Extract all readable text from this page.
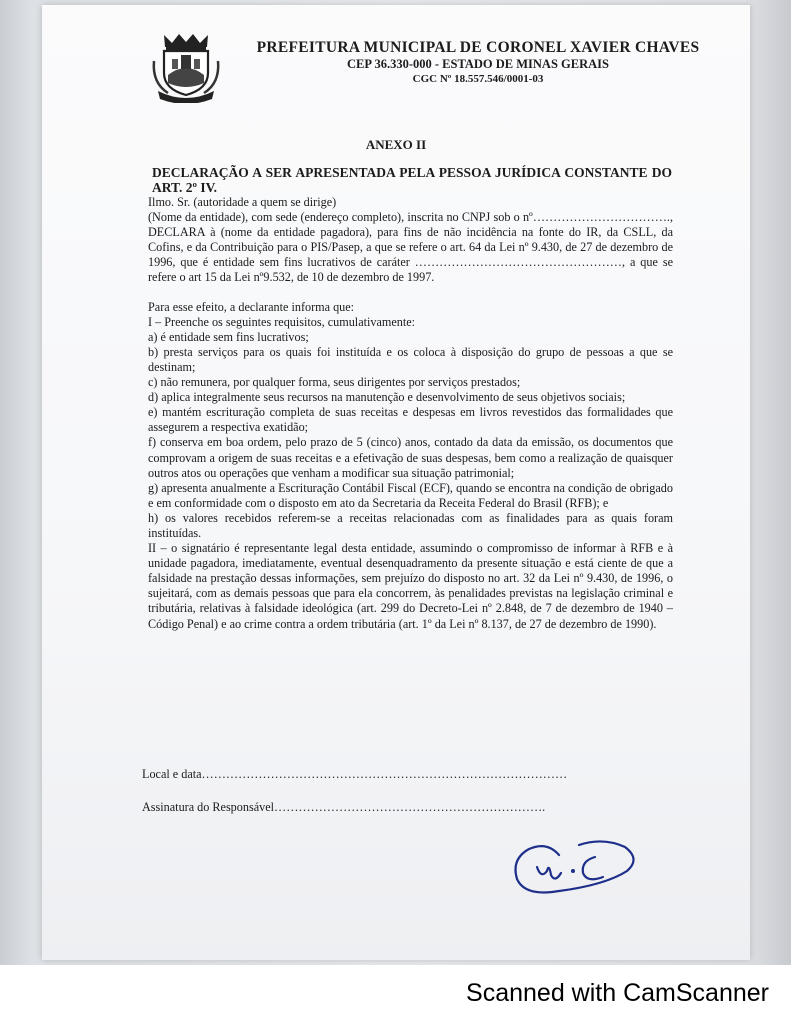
PREFEITURA MUNICIPAL DE CORONEL XAVIER CHAVES
CEP 36.330-000 - ESTADO DE MINAS GERAIS
CGC Nº 18.557.546/0001-03
ANEXO II
DECLARAÇÃO A SER APRESENTADA PELA PESSOA JURÍDICA CONSTANTE DO ART. 2º IV.

Ilmo. Sr. (autoridade a quem se dirige)

(Nome da entidade), com sede (endereço completo), inscrita no CNPJ sob o nº……………………………., DECLARA à (nome da entidade pagadora), para fins de não incidência na fonte do IR, da CSLL, da Cofins, e da Contribuição para o PIS/Pasep, a que se refere o art. 64 da Lei nº 9.430, de 27 de dezembro de 1996, que é entidade sem fins lucrativos de caráter ……………………………………………, a que se refere o art 15 da Lei nº9.532, de 10 de dezembro de 1997.

Para esse efeito, a declarante informa que:

I – Preenche os seguintes requisitos, cumulativamente:

a) é entidade sem fins lucrativos;

b) presta serviços para os quais foi instituída e os coloca à disposição do grupo de pessoas a que se destinam;

c) não remunera, por qualquer forma, seus dirigentes por serviços prestados;

d) aplica integralmente seus recursos na manutenção e desenvolvimento de seus objetivos sociais;

e) mantém escrituração completa de suas receitas e despesas em livros revestidos das formalidades que assegurem a respectiva exatidão;

f) conserva em boa ordem, pelo prazo de 5 (cinco) anos, contado da data da emissão, os documentos que comprovam a origem de suas receitas e a efetivação de suas despesas, bem como a realização de quaisquer outros atos ou operações que venham a modificar sua situação patrimonial;

g) apresenta anualmente a Escrituração Contábil Fiscal (ECF), quando se encontra na condição de obrigado e em conformidade com o disposto em ato da Secretaria da Receita Federal do Brasil (RFB); e

h) os valores recebidos referem-se a receitas relacionadas com as finalidades para as quais foram instituídas.

II – o signatário é representante legal desta entidade, assumindo o compromisso de informar à RFB e à unidade pagadora, imediatamente, eventual desenquadramento da presente situação e está ciente de que a falsidade na prestação dessas informações, sem prejuízo do disposto no art. 32 da Lei nº 9.430, de 1996, o sujeitará, com as demais pessoas que para ela concorrem, às penalidades previstas na legislação criminal e tributária, relativas à falsidade ideológica (art. 299 do Decreto-Lei nº 2.848, de 7 de dezembro de 1940 – Código Penal) e ao crime contra a ordem tributária (art. 1º da Lei nº 8.137, de 27 de dezembro de 1990).

Local e data………………………………………………………………………………
Assinatura do Responsável………………………………………………………….
Scanned with CamScanner
